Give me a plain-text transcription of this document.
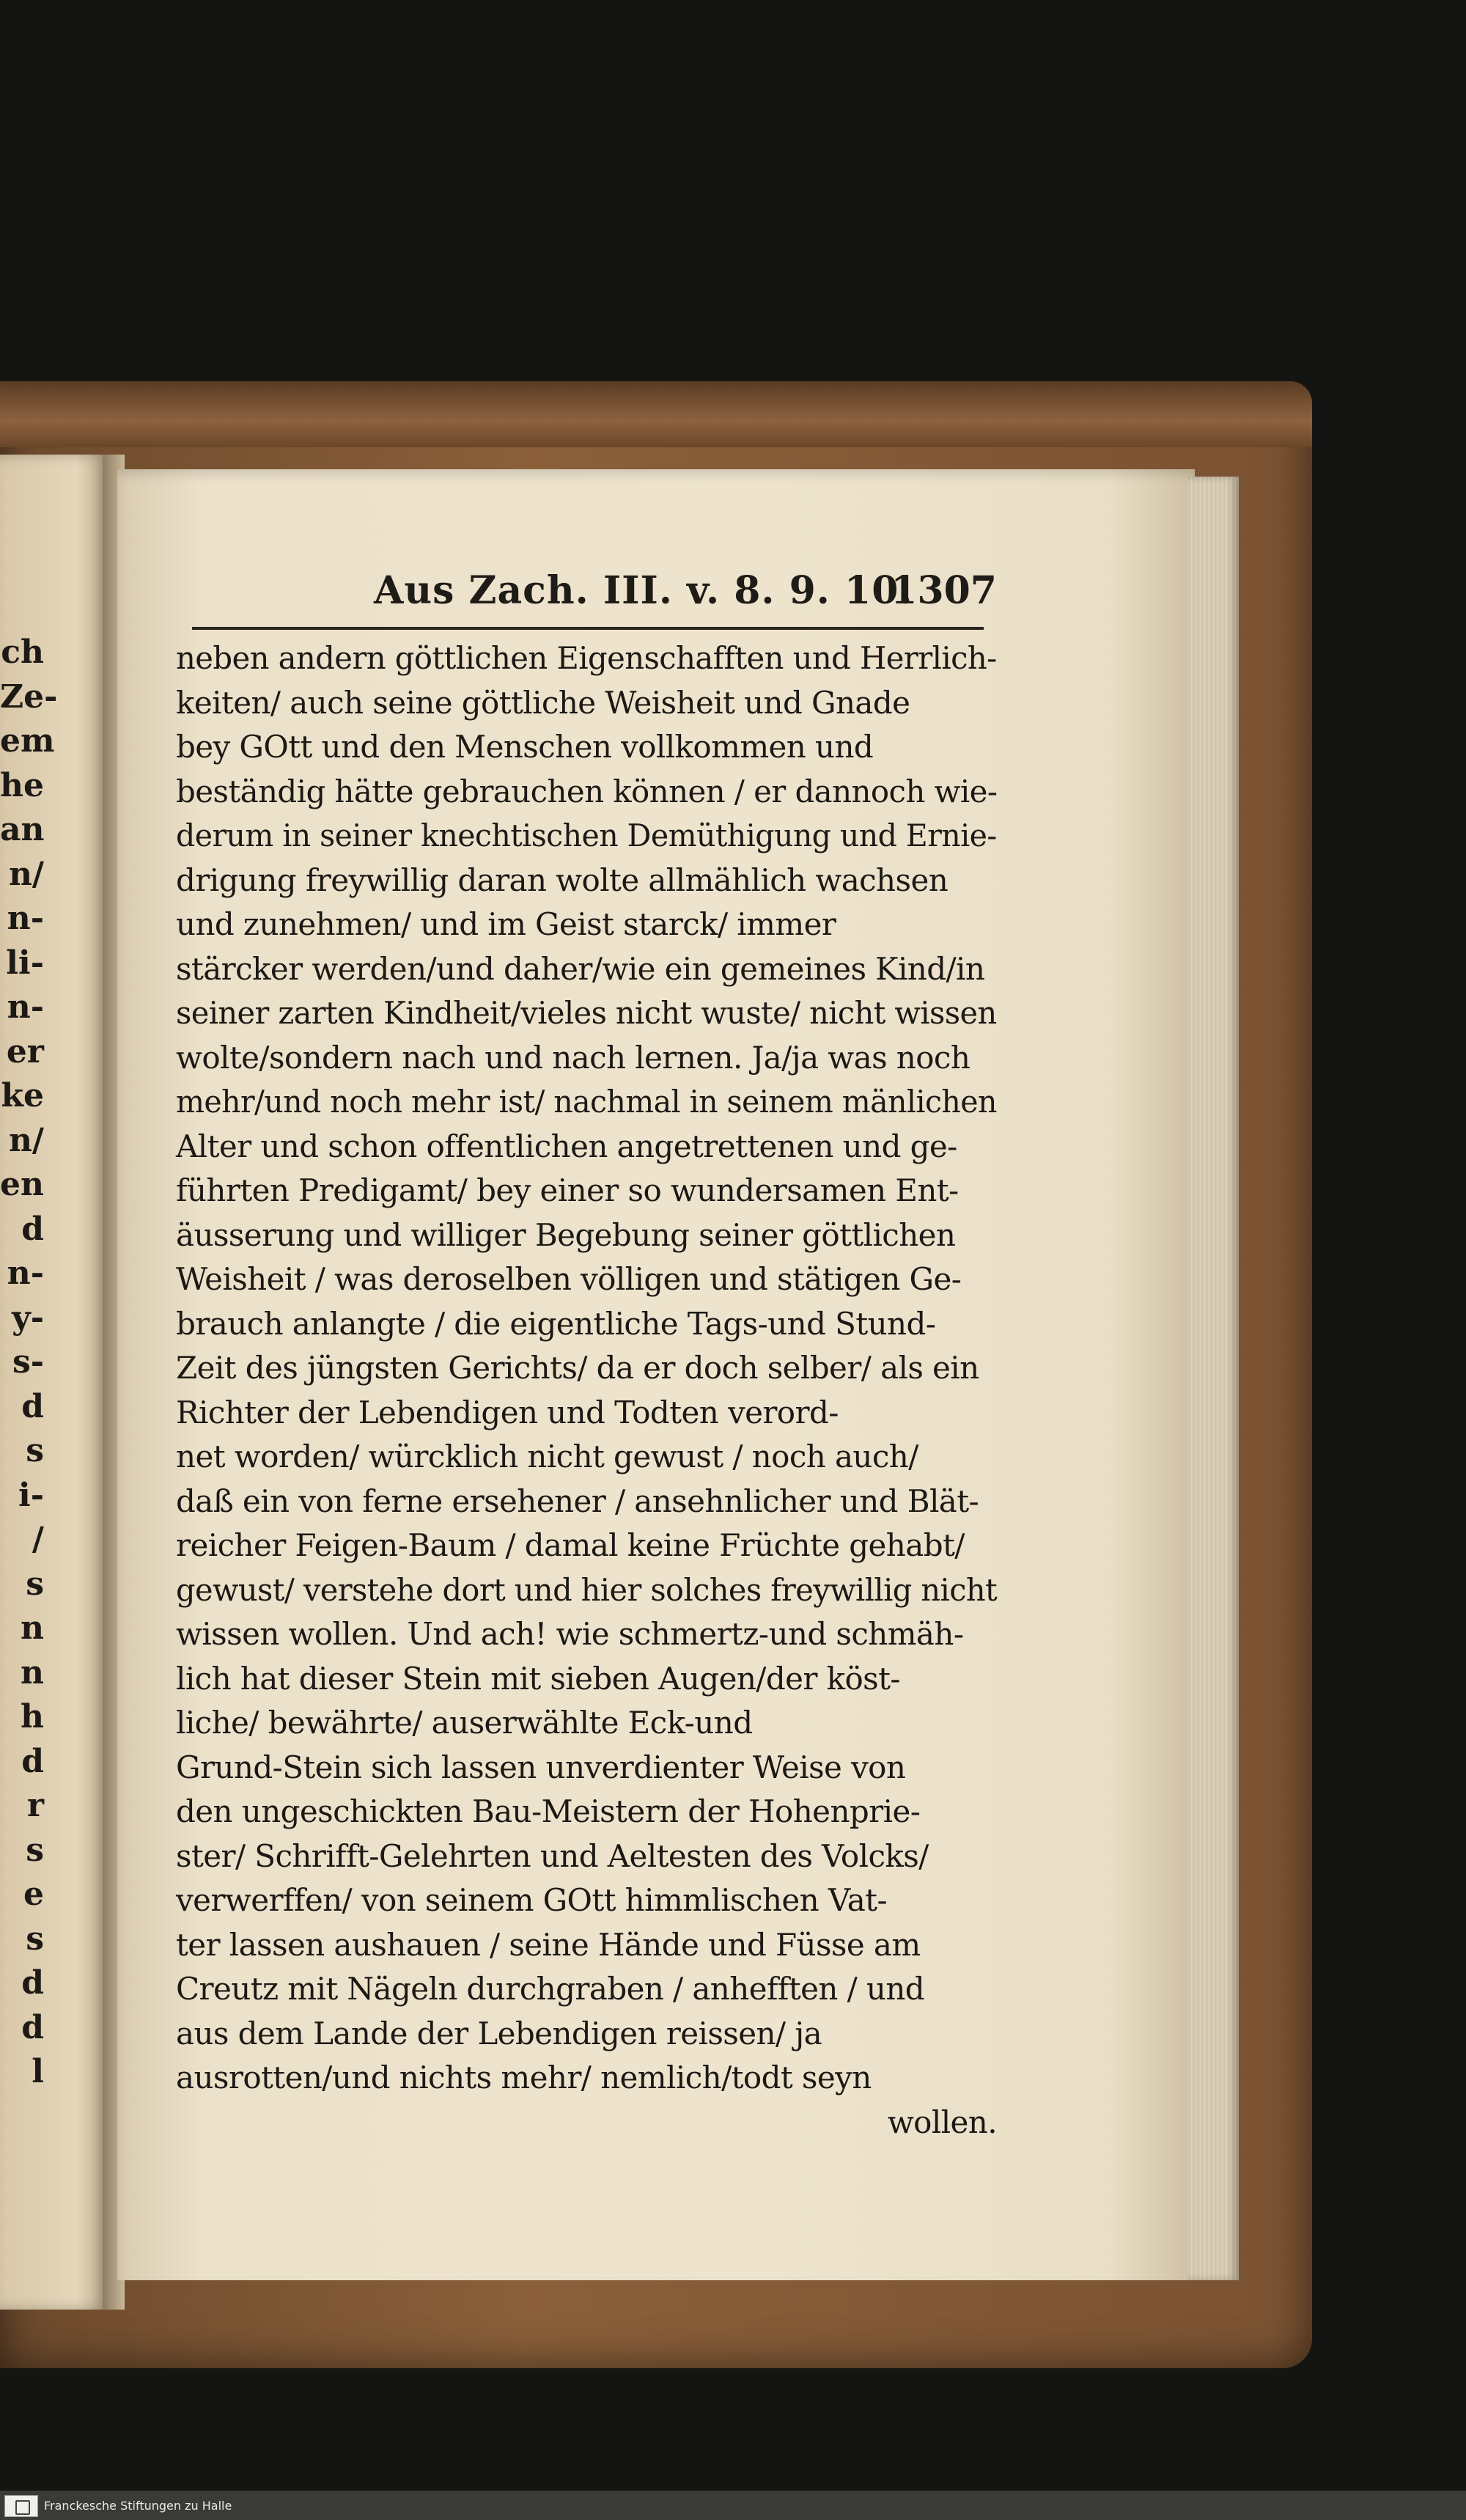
ch
Ze-
em
he
an
n/
n-
li-
n-
er
ke
n/
en
d
n-
y-
s-
d
s
i-
/
s
n
n
h
d
r
s
e
s
d
d
l
Aus Zach. III. v. 8. 9. 10.
1307
neben andern göttlichen Eigenschafften und Herrlich-
keiten/ auch seine göttliche Weisheit und Gnade
bey GOtt und den Menschen vollkommen und
beständig hätte gebrauchen können / er dannoch wie-
derum in seiner knechtischen Demüthigung und Ernie-
drigung freywillig daran wolte allmählich wachsen
und zunehmen/ und im Geist starck/ immer
stärcker werden/und daher/wie ein gemeines Kind/in
seiner zarten Kindheit/vieles nicht wuste/ nicht wissen
wolte/sondern nach und nach lernen. Ja/ja was noch
mehr/und noch mehr ist/ nachmal in seinem mänlichen
Alter und schon offentlichen angetrettenen und ge-
führten Predigamt/ bey einer so wundersamen Ent-
äusserung und williger Begebung seiner göttlichen
Weisheit / was deroselben völligen und stätigen Ge-
brauch anlangte / die eigentliche Tags-und Stund-
Zeit des jüngsten Gerichts/ da er doch selber/ als ein
Richter der Lebendigen und Todten verord-
net worden/ würcklich nicht gewust / noch auch/
daß ein von ferne ersehener / ansehnlicher und Blät-
reicher Feigen-Baum / damal keine Früchte gehabt/
gewust/ verstehe dort und hier solches freywillig nicht
wissen wollen. Und ach! wie schmertz-und schmäh-
lich hat dieser Stein mit sieben Augen/der köst-
liche/ bewährte/ auserwählte Eck-und
Grund-Stein sich lassen unverdienter Weise von
den ungeschickten Bau-Meistern der Hohenprie-
ster/ Schrifft-Gelehrten und Aeltesten des Volcks/
verwerffen/ von seinem GOtt himmlischen Vat-
ter lassen aushauen / seine Hände und Füsse am
Creutz mit Nägeln durchgraben / anhefften / und
aus dem Lande der Lebendigen reissen/ ja
ausrotten/und nichts mehr/ nemlich/todt seyn
wollen.
Franckesche Stiftungen zu Halle
